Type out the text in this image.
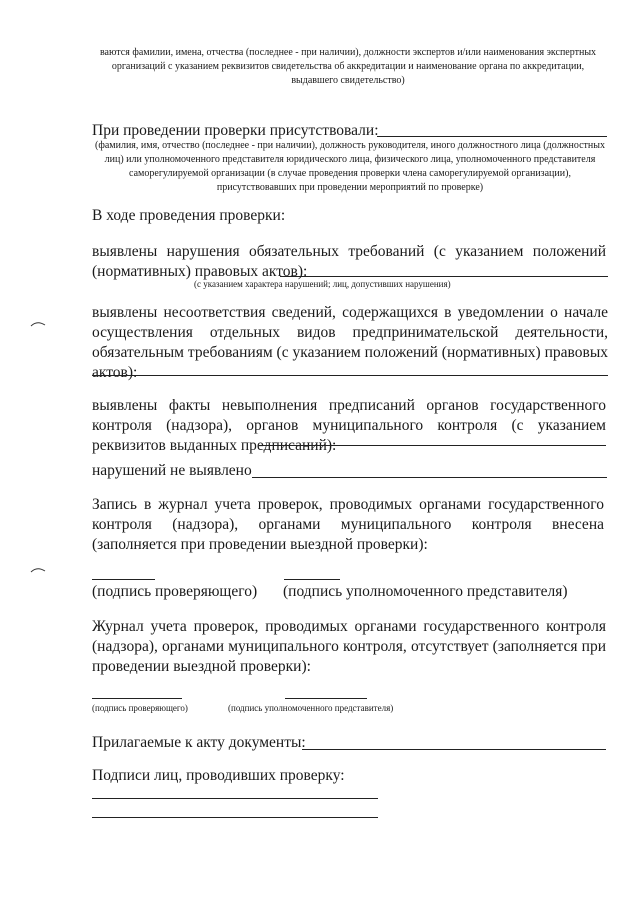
ваются фамилии, имена, отчества (последнее - при наличии), должности экспертов и/или наименования экспертных организаций с указанием реквизитов свидетельства об аккредитации и наименование органа по аккредитации, выдавшего свидетельство)
При проведении проверки присутствовали:
(фамилия, имя, отчество (последнее - при наличии), должность руководителя, иного должностного лица (должностных лиц) или уполномоченного представителя юридического лица, физического лица, уполномоченного представителя саморегулируемой организации (в случае проведения проверки члена саморегулируемой организации), присутствовавших при проведении мероприятий по проверке)
В ходе проведения проверки:
выявлены нарушения обязательных требований (с указанием положений (нормативных) правовых актов):
(с указанием характера нарушений; лиц, допустивших нарушения)
выявлены несоответствия сведений, содержащихся в уведомлении о начале осуществления отдельных видов предпринимательской деятельности, обязательным требованиям (с указанием положений (нормативных) правовых актов):
выявлены факты невыполнения предписаний органов государственного контроля (надзора), органов муниципального контроля (с указанием реквизитов выданных предписаний):
нарушений не выявлено
Запись в журнал учета проверок, проводимых органами государственного контроля (надзора), органами муниципального контроля внесена (заполняется при проведении выездной проверки):
(подпись проверяющего) (подпись уполномоченного представителя)
Журнал учета проверок, проводимых органами государственного контроля (надзора), органами муниципального контроля, отсутствует (заполняется при проведении выездной проверки):
(подпись проверяющего)	(подпись уполномоченного представителя)
Прилагаемые к акту документы:
Подписи лиц, проводивших проверку:
